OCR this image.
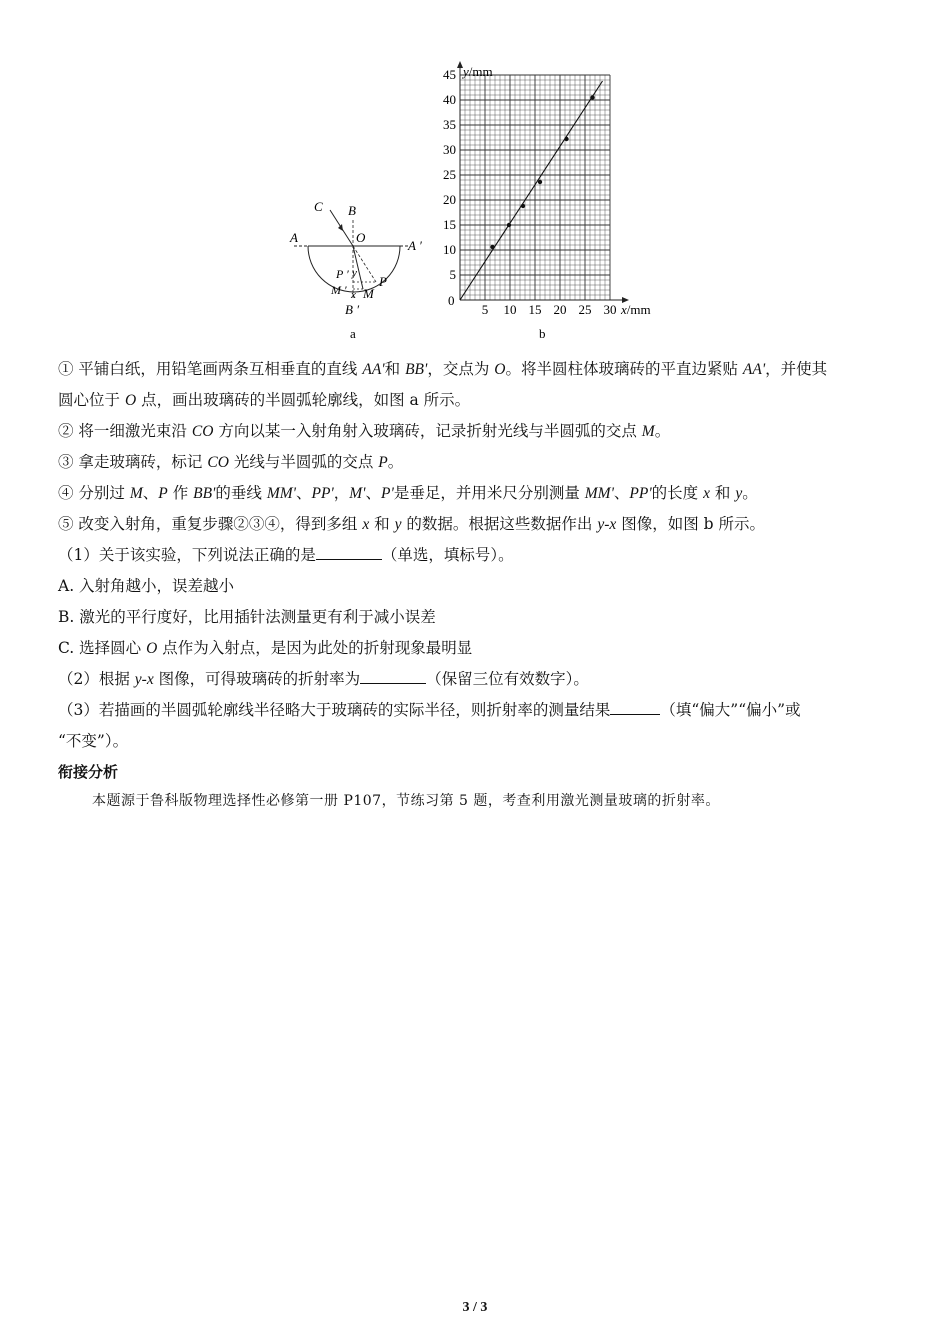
C B
O
A
A ′
P ′ y
P
M ′ x M
B ′
a
y/mm
x/mm
0
5 10 15 20 25 30
5
10
15
20
25
30
35
40
45
b
① 平铺白纸，用铅笔画两条互相垂直的直线 AA'和 BB'，交点为 O。将半圆柱体玻璃砖的平直边紧贴 AA'，并使其
圆心位于 O 点，画出玻璃砖的半圆弧轮廓线，如图 a 所示。
② 将一细激光束沿 CO 方向以某一入射角射入玻璃砖，记录折射光线与半圆弧的交点 M。
③ 拿走玻璃砖，标记 CO 光线与半圆弧的交点 P。
④ 分别过 M、P 作 BB'的垂线 MM'、PP'，M'、P'是垂足，并用米尺分别测量 MM'、PP'的长度 x 和 y。
⑤ 改变入射角，重复步骤②③④，得到多组 x 和 y 的数据。根据这些数据作出 y-x 图像，如图 b 所示。
（1）关于该实验，下列说法正确的是	（单选，填标号）。
A. 入射角越小，误差越小
B. 激光的平行度好，比用插针法测量更有利于减小误差
C. 选择圆心 O 点作为入射点，是因为此处的折射现象最明显
（2）根据 y-x 图像，可得玻璃砖的折射率为	（保留三位有效数字）。
（3）若描画的半圆弧轮廓线半径略大于玻璃砖的实际半径，则折射率的测量结果	（填“偏大”“偏小”或
“不变”）。
衔接分析
本题源于鲁科版物理选择性必修第一册 P107，节练习第 5 题，考查利用激光测量玻璃的折射率。
3 / 3
